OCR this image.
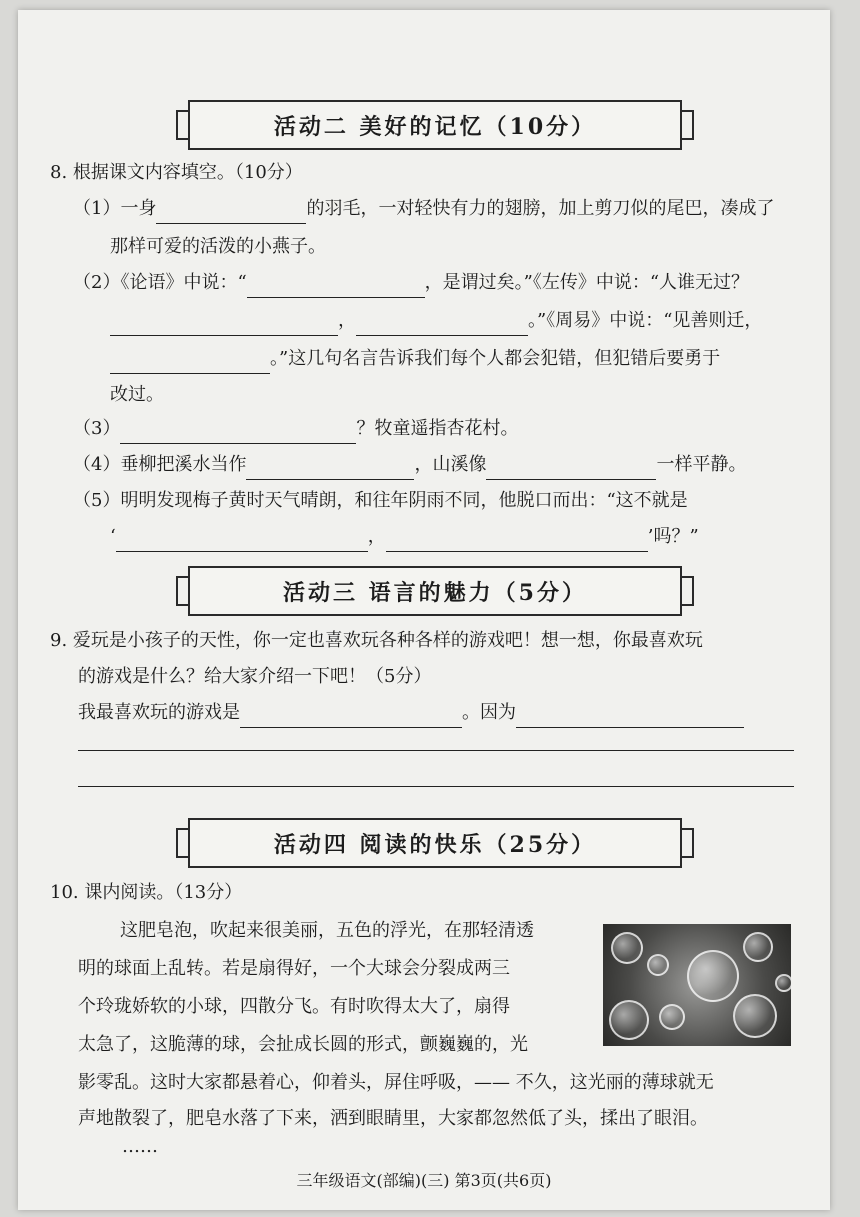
活动二 美好的记忆（10分）
8. 根据课文内容填空。（10分）
（1）一身	的羽毛，一对轻快有力的翅膀，加上剪刀似的尾巴，凑成了
那样可爱的活泼的小燕子。
（2）《论语》中说：“	，是谓过矣。”《左传》中说：“人谁无过？
，	。”《周易》中说：“见善则迁，
。”这几句名言告诉我们每个人都会犯错，但犯错后要勇于
改过。
（3）	？牧童遥指杏花村。
（4）垂柳把溪水当作	，山溪像	一样平静。
（5）明明发现梅子黄时天气晴朗，和往年阴雨不同，他脱口而出：“这不就是
‘	，	’吗？”
活动三 语言的魅力（5分）
9. 爱玩是小孩子的天性，你一定也喜欢玩各种各样的游戏吧！想一想，你最喜欢玩
的游戏是什么？给大家介绍一下吧！（5分）
我最喜欢玩的游戏是	。因为
活动四 阅读的快乐（25分）
10. 课内阅读。（13分）
这肥皂泡，吹起来很美丽，五色的浮光，在那轻清透
明的球面上乱转。若是扇得好，一个大球会分裂成两三
个玲珑娇软的小球，四散分飞。有时吹得太大了，扇得
太急了，这脆薄的球，会扯成长圆的形式，颤巍巍的，光
影零乱。这时大家都悬着心，仰着头，屏住呼吸，—— 不久，这光丽的薄球就无
声地散裂了，肥皂水落了下来，洒到眼睛里，大家都忽然低了头，揉出了眼泪。
……
三年级语文(部编)(三) 第3页(共6页)
